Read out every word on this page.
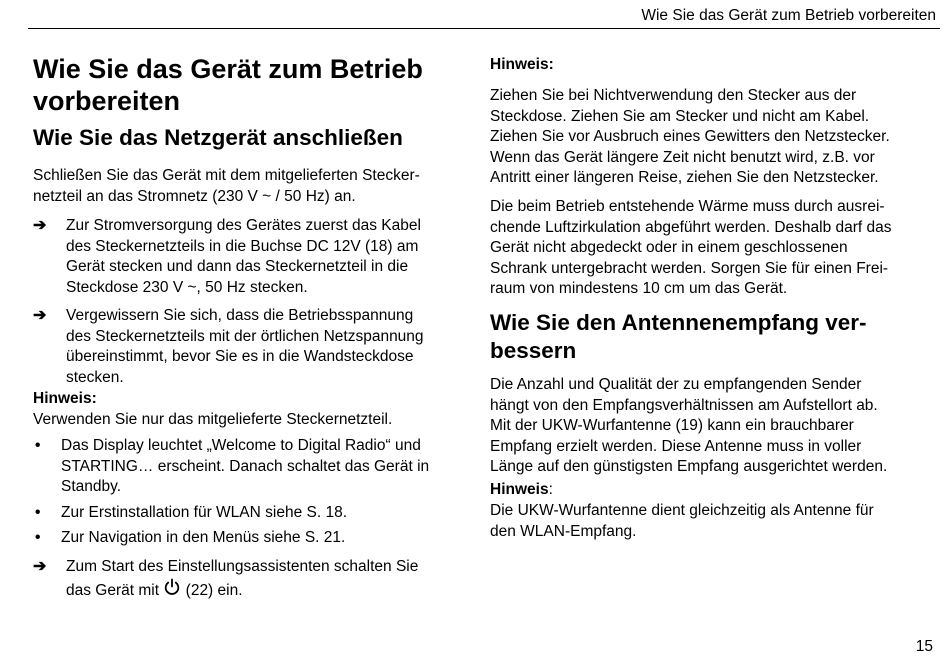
Wie Sie das Gerät zum Betrieb vorbereiten
Wie Sie das Gerät zum Betrieb
vorbereiten
Wie Sie das Netzgerät anschließen
Schließen Sie das Gerät mit dem mitgelieferten Stecker-
netzteil an das Stromnetz (230 V ~ / 50 Hz) an.
➔ Zur Stromversorgung des Gerätes zuerst das Kabel
des Steckernetzteils in die Buchse DC 12V (18) am
Gerät stecken und dann das Steckernetzteil in die
Steckdose 230 V ~, 50 Hz stecken.
➔ Vergewissern Sie sich, dass die Betriebsspannung
des Steckernetzteils mit der örtlichen Netzspannung
übereinstimmt, bevor Sie es in die Wandsteckdose
stecken.
Hinweis:
Verwenden Sie nur das mitgelieferte Steckernetzteil.
• Das Display leuchtet „Welcome to Digital Radio“ und
STARTING… erscheint. Danach schaltet das Gerät in
Standby.
• Zur Erstinstallation für WLAN siehe S. 18.
• Zur Navigation in den Menüs siehe S. 21.
➔ Zum Start des Einstellungsassistenten schalten Sie
das Gerät mit (22) ein.
Hinweis:
Ziehen Sie bei Nichtverwendung den Stecker aus der
Steckdose. Ziehen Sie am Stecker und nicht am Kabel.
Ziehen Sie vor Ausbruch eines Gewitters den Netzstecker.
Wenn das Gerät längere Zeit nicht benutzt wird, z.B. vor
Antritt einer längeren Reise, ziehen Sie den Netzstecker.
Die beim Betrieb entstehende Wärme muss durch ausrei-
chende Luftzirkulation abgeführt werden. Deshalb darf das
Gerät nicht abgedeckt oder in einem geschlossenen
Schrank untergebracht werden. Sorgen Sie für einen Frei-
raum von mindestens 10 cm um das Gerät.
Wie Sie den Antennenempfang ver-
bessern
Die Anzahl und Qualität der zu empfangenden Sender
hängt von den Empfangsverhältnissen am Aufstellort ab.
Mit der UKW-Wurfantenne (19) kann ein brauchbarer
Empfang erzielt werden. Diese Antenne muss in voller
Länge auf den günstigsten Empfang ausgerichtet werden.
Hinweis:
Die UKW-Wurfantenne dient gleichzeitig als Antenne für
den WLAN-Empfang.
15
